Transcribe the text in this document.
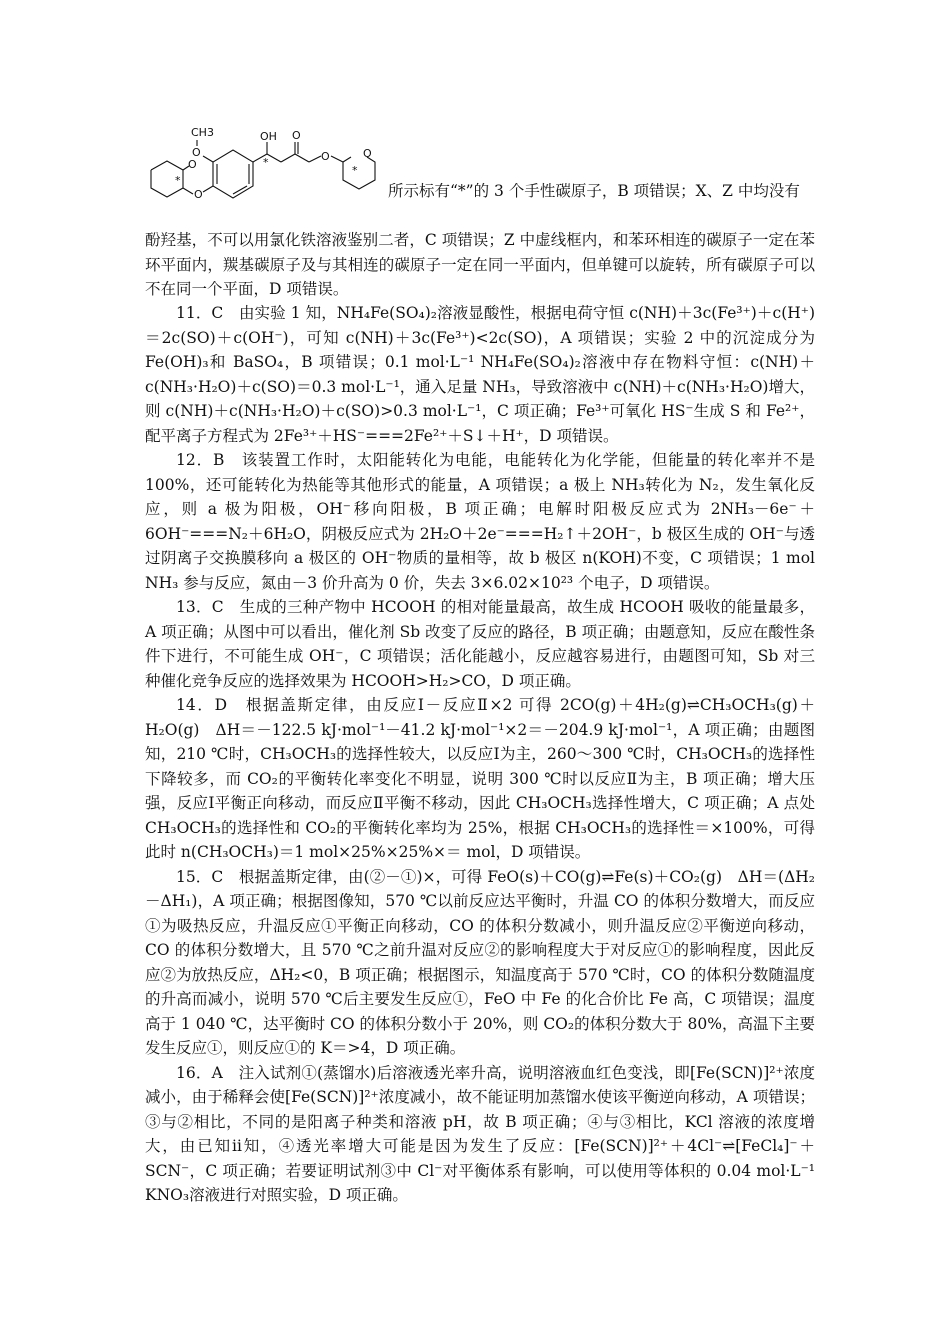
CH3
O
O
O
OH O
O	O
*
*
*
所示标有“*”的 3 个手性碳原子，B 项错误；X、Z 中均没有

酚羟基，不可以用氯化铁溶液鉴别二者，C 项错误；Z 中虚线框内，和苯环相连的碳原子一定在苯环平面内，羰基碳原子及与其相连的碳原子一定在同一平面内，但单键可以旋转，所有碳原子可以不在同一个平面，D 项错误。

11．C　由实验 1 知，NH₄Fe(SO₄)₂溶液显酸性，根据电荷守恒 c(NH)＋3c(Fe³⁺)＋c(H⁺)＝2c(SO)＋c(OH⁻)，可知 c(NH)＋3c(Fe³⁺)<2c(SO)，A 项错误；实验 2 中的沉淀成分为 Fe(OH)₃和 BaSO₄，B 项错误；0.1 mol·L⁻¹ NH₄Fe(SO₄)₂溶液中存在物料守恒：c(NH)＋c(NH₃·H₂O)＋c(SO)＝0.3 mol·L⁻¹，通入足量 NH₃，导致溶液中 c(NH)＋c(NH₃·H₂O)增大，则 c(NH)＋c(NH₃·H₂O)＋c(SO)>0.3 mol·L⁻¹，C 项正确；Fe³⁺可氧化 HS⁻生成 S 和 Fe²⁺，配平离子方程式为 2Fe³⁺＋HS⁻===2Fe²⁺＋S↓＋H⁺，D 项错误。

12．B　该装置工作时，太阳能转化为电能，电能转化为化学能，但能量的转化率并不是 100%，还可能转化为热能等其他形式的能量，A 项错误；a 极上 NH₃转化为 N₂，发生氧化反应，则 a 极为阳极，OH⁻移向阳极，B 项正确；电解时阳极反应式为 2NH₃－6e⁻＋6OH⁻===N₂＋6H₂O，阴极反应式为 2H₂O＋2e⁻===H₂↑＋2OH⁻，b 极区生成的 OH⁻与透过阴离子交换膜移向 a 极区的 OH⁻物质的量相等，故 b 极区 n(KOH)不变，C 项错误；1 mol NH₃ 参与反应，氮由－3 价升高为 0 价，失去 3×6.02×10²³ 个电子，D 项错误。

13．C　生成的三种产物中 HCOOH 的相对能量最高，故生成 HCOOH 吸收的能量最多，A 项正确；从图中可以看出，催化剂 Sb 改变了反应的路径，B 项正确；由题意知，反应在酸性条件下进行，不可能生成 OH⁻，C 项错误；活化能越小，反应越容易进行，由题图可知，Sb 对三种催化竞争反应的选择效果为 HCOOH>H₂>CO，D 项正确。

14．D　根据盖斯定律，由反应Ⅰ－反应Ⅱ×2 可得 2CO(g)＋4H₂(g)⇌CH₃OCH₃(g)＋H₂O(g)　ΔH＝－122.5 kJ·mol⁻¹－41.2 kJ·mol⁻¹×2＝－204.9 kJ·mol⁻¹，A 项正确；由题图知，210 ℃时，CH₃OCH₃的选择性较大，以反应Ⅰ为主，260～300 ℃时，CH₃OCH₃的选择性下降较多，而 CO₂的平衡转化率变化不明显，说明 300 ℃时以反应Ⅱ为主，B 项正确；增大压强，反应Ⅰ平衡正向移动，而反应Ⅱ平衡不移动，因此 CH₃OCH₃选择性增大，C 项正确；A 点处 CH₃OCH₃的选择性和 CO₂的平衡转化率均为 25%，根据 CH₃OCH₃的选择性＝×100%，可得此时 n(CH₃OCH₃)＝1 mol×25%×25%×＝ mol，D 项错误。

15．C　根据盖斯定律，由(②－①)×，可得 FeO(s)＋CO(g)⇌Fe(s)＋CO₂(g)　ΔH＝(ΔH₂－ΔH₁)，A 项正确；根据图像知，570 ℃以前反应达平衡时，升温 CO 的体积分数增大，而反应①为吸热反应，升温反应①平衡正向移动，CO 的体积分数减小，则升温反应②平衡逆向移动，CO 的体积分数增大，且 570 ℃之前升温对反应②的影响程度大于对反应①的影响程度，因此反应②为放热反应，ΔH₂<0，B 项正确；根据图示，知温度高于 570 ℃时，CO 的体积分数随温度的升高而减小，说明 570 ℃后主要发生反应①，FeO 中 Fe 的化合价比 Fe 高，C 项错误；温度高于 1 040 ℃，达平衡时 CO 的体积分数小于 20%，则 CO₂的体积分数大于 80%，高温下主要发生反应①，则反应①的 K＝>4，D 项正确。

16．A　注入试剂①(蒸馏水)后溶液透光率升高，说明溶液血红色变浅，即[Fe(SCN)]²⁺浓度减小，由于稀释会使[Fe(SCN)]²⁺浓度减小，故不能证明加蒸馏水使该平衡逆向移动，A 项错误；③与②相比，不同的是阳离子种类和溶液 pH，故 B 项正确；④与③相比，KCl 溶液的浓度增大，由已知ⅱ知，④透光率增大可能是因为发生了反应：[Fe(SCN)]²⁺＋4Cl⁻⇌[FeCl₄]⁻＋SCN⁻，C 项正确；若要证明试剂③中 Cl⁻对平衡体系有影响，可以使用等体积的 0.04 mol·L⁻¹ KNO₃溶液进行对照实验，D 项正确。
